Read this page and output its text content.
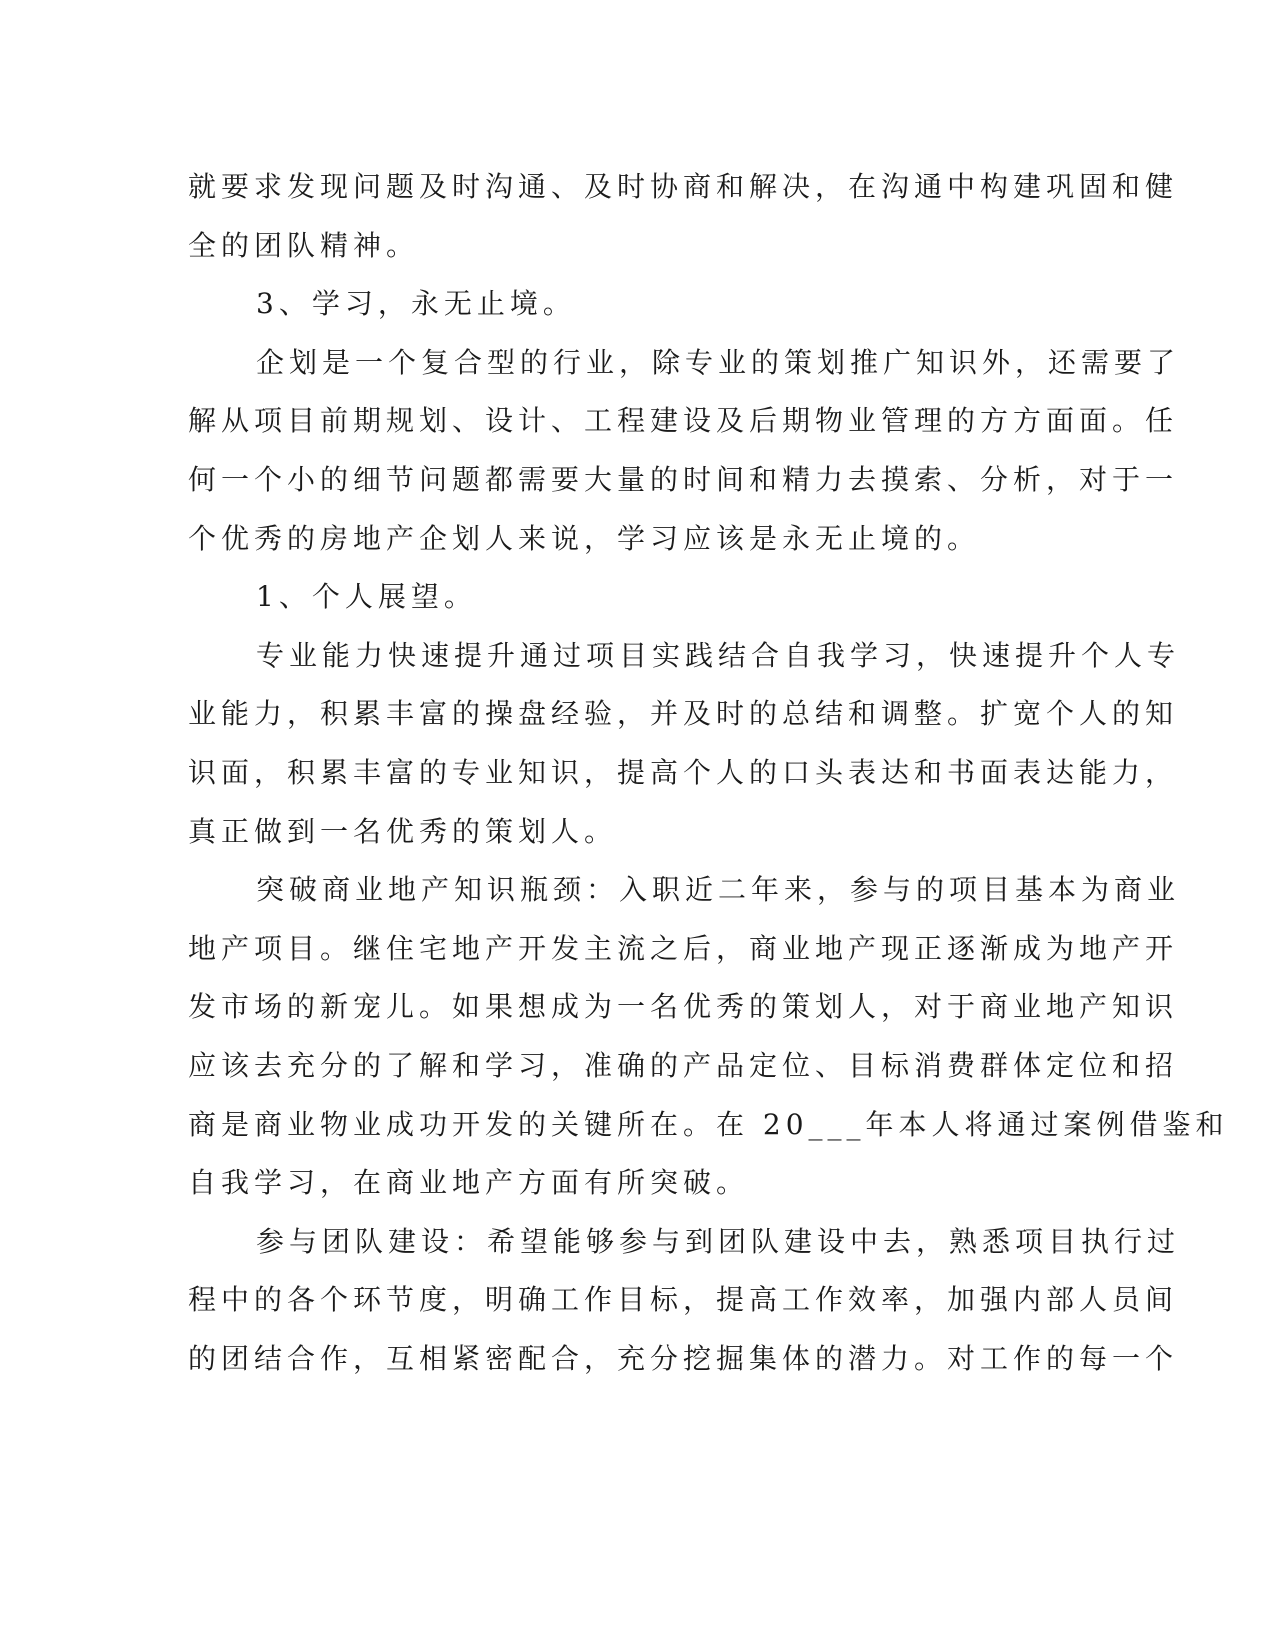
就要求发现问题及时沟通、及时协商和解决，在沟通中构建巩固和健
全的团队精神。
3、学习，永无止境。
企划是一个复合型的行业，除专业的策划推广知识外，还需要了
解从项目前期规划、设计、工程建设及后期物业管理的方方面面。任
何一个小的细节问题都需要大量的时间和精力去摸索、分析，对于一
个优秀的房地产企划人来说，学习应该是永无止境的。
1、个人展望。
专业能力快速提升通过项目实践结合自我学习，快速提升个人专
业能力，积累丰富的操盘经验，并及时的总结和调整。扩宽个人的知
识面，积累丰富的专业知识，提高个人的口头表达和书面表达能力，
真正做到一名优秀的策划人。
突破商业地产知识瓶颈：入职近二年来，参与的项目基本为商业
地产项目。继住宅地产开发主流之后，商业地产现正逐渐成为地产开
发市场的新宠儿。如果想成为一名优秀的策划人，对于商业地产知识
应该去充分的了解和学习，准确的产品定位、目标消费群体定位和招
商是商业物业成功开发的关键所在。在 20___年本人将通过案例借鉴和
自我学习，在商业地产方面有所突破。
参与团队建设：希望能够参与到团队建设中去，熟悉项目执行过
程中的各个环节度，明确工作目标，提高工作效率，加强内部人员间
的团结合作，互相紧密配合，充分挖掘集体的潜力。对工作的每一个
